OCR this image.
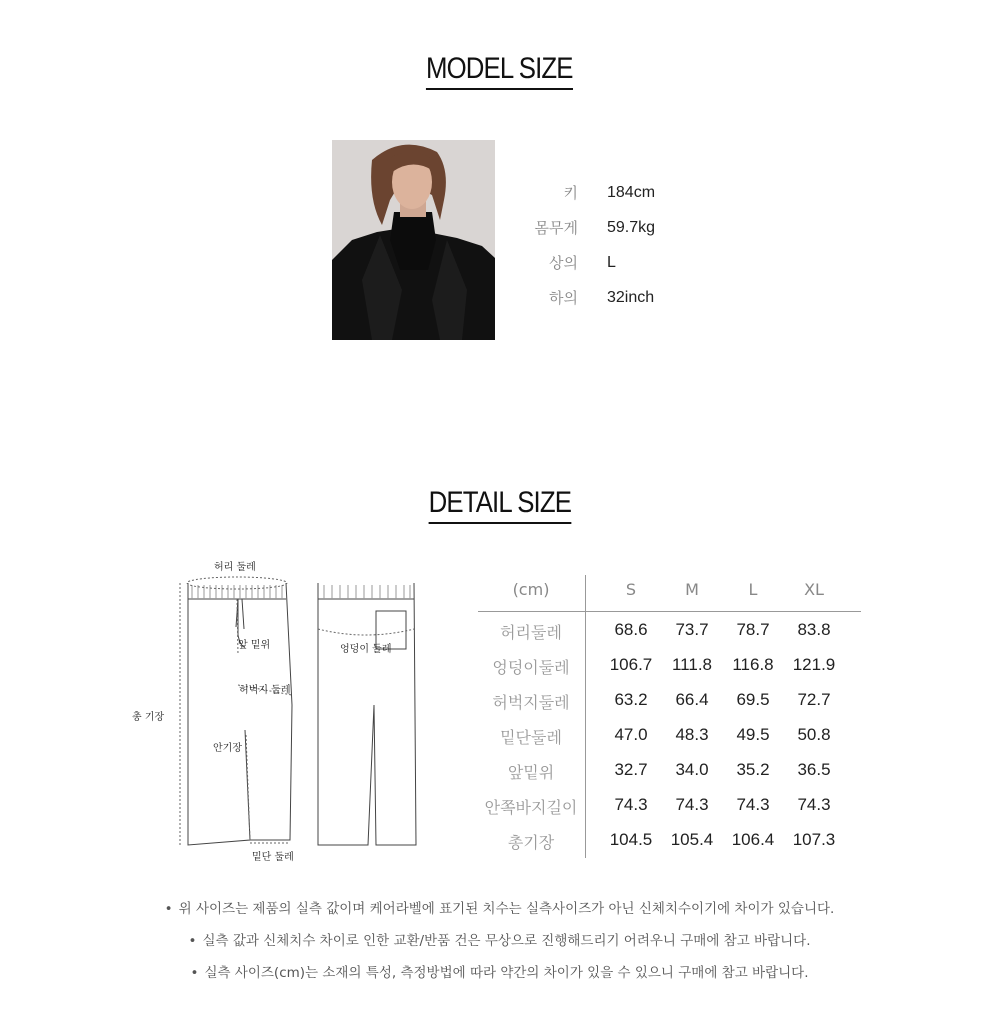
MODEL SIZE
키 184cm
몸무게 59.7kg
상의 L
하의 32inch
DETAIL SIZE
허리 둘레
앞 밑위
허벅지 둘레
안기장
총 기장
밑단 둘레
엉덩이 둘레
(cm)	S	M	L	XL
허리둘레	68.6	73.7	78.7	83.8
엉덩이둘레	106.7	111.8	116.8	121.9
허벅지둘레	63.2	66.4	69.5	72.7
밑단둘레	47.0	48.3	49.5	50.8
앞밑위	32.7	34.0	35.2	36.5
안쪽바지길이	74.3	74.3	74.3	74.3
총기장	104.5	105.4	106.4	107.3
• 위 사이즈는 제품의 실측 값이며 케어라벨에 표기된 치수는 실측사이즈가 아닌 신체치수이기에 차이가 있습니다.
• 실측 값과 신체치수 차이로 인한 교환/반품 건은 무상으로 진행해드리기 어려우니 구매에 참고 바랍니다.
• 실측 사이즈(cm)는 소재의 특성, 측정방법에 따라 약간의 차이가 있을 수 있으니 구매에 참고 바랍니다.
